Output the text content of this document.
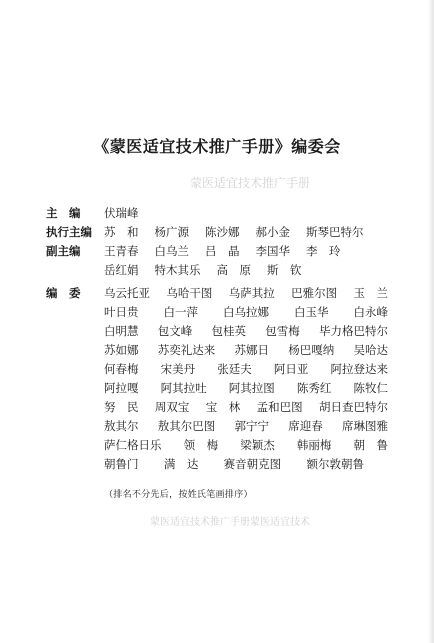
蒙医适宜技术推广手册
《蒙医适宜技术推广手册》编委会
主　编	伏瑞峰
执行主编	苏　和 杨广源 陈沙娜 郝小金 斯琴巴特尔
副主编	王青春 白乌兰 吕　晶 李国华 李　玲
岳红娟 特木其乐 高　原 斯　钦
编　委	乌云托亚 乌哈干图 乌萨其拉 巴雅尔图 玉　兰
叶日贵 白一萍 白乌拉娜 白玉华 白永峰
白明慧 包文峰 包桂英 包雪梅 毕力格巴特尔
苏如娜 苏奕礼达来 苏娜日 杨巴嘎纳 吴哈达
何春梅 宋美丹 张廷夫 阿日亚 阿拉登达来
阿拉嘎 阿其拉吐 阿其拉图 陈秀红 陈牧仁
努　民 周双宝 宝　林 孟和巴图 胡日查巴特尔
敖其尔 敖其尔巴图 郭宁宁 席迎春 席琳图雅
萨仁格日乐 领　梅 梁颖杰 韩丽梅 朝　鲁
朝鲁门 满　达 赛音朝克图 额尔敦朝鲁
（排名不分先后，按姓氏笔画排序）
蒙医适宜技术推广手册蒙医适宜技术
